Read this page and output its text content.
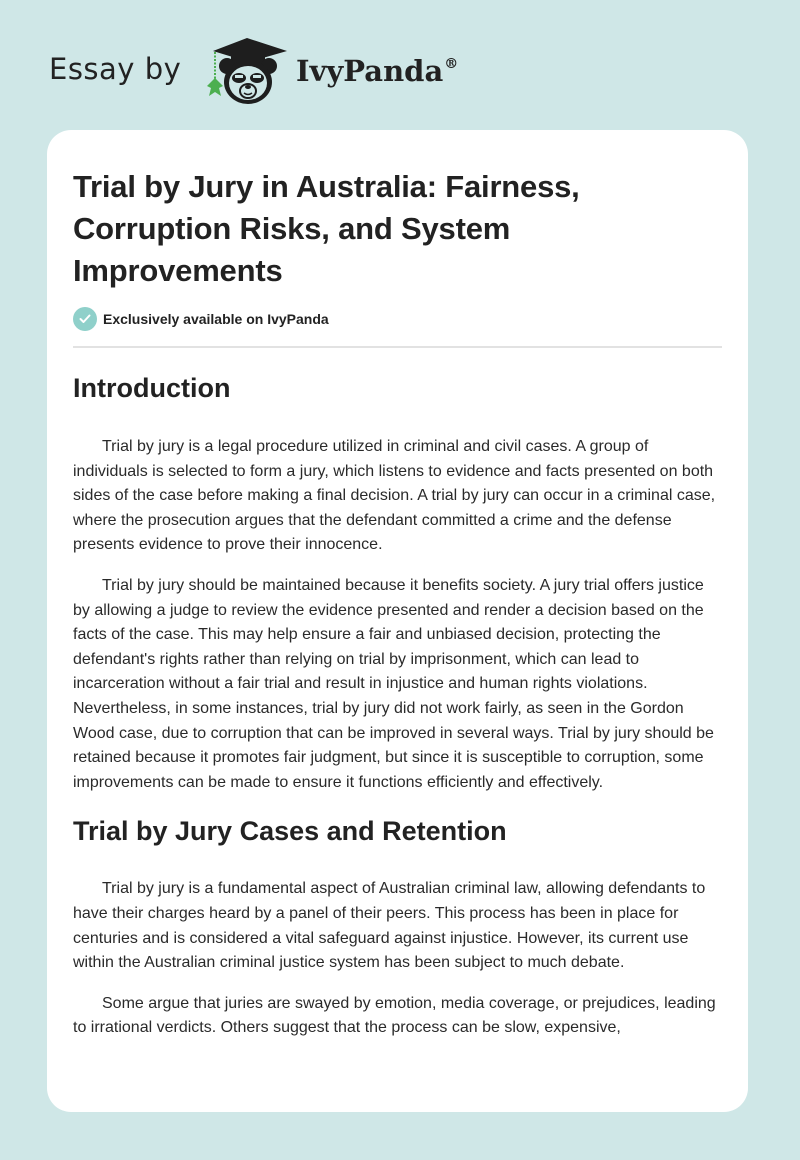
Essay by	IvyPanda®
Trial by Jury in Australia: Fairness, Corruption Risks, and System Improvements
Exclusively available on IvyPanda
Introduction

Trial by jury is a legal procedure utilized in criminal and civil cases. A group of individuals is selected to form a jury, which listens to evidence and facts presented on both sides of the case before making a final decision. A trial by jury can occur in a criminal case, where the prosecution argues that the defendant committed a crime and the defense presents evidence to prove their innocence.

Trial by jury should be maintained because it benefits society. A jury trial offers justice by allowing a judge to review the evidence presented and render a decision based on the facts of the case. This may help ensure a fair and unbiased decision, protecting the defendant's rights rather than relying on trial by imprisonment, which can lead to incarceration without a fair trial and result in injustice and human rights violations. Nevertheless, in some instances, trial by jury did not work fairly, as seen in the Gordon Wood case, due to corruption that can be improved in several ways. Trial by jury should be retained because it promotes fair judgment, but since it is susceptible to corruption, some improvements can be made to ensure it functions efficiently and effectively.

Trial by Jury Cases and Retention

Trial by jury is a fundamental aspect of Australian criminal law, allowing defendants to have their charges heard by a panel of their peers. This process has been in place for centuries and is considered a vital safeguard against injustice. However, its current use within the Australian criminal justice system has been subject to much debate.

Some argue that juries are swayed by emotion, media coverage, or prejudices, leading to irrational verdicts. Others suggest that the process can be slow, expensive,
